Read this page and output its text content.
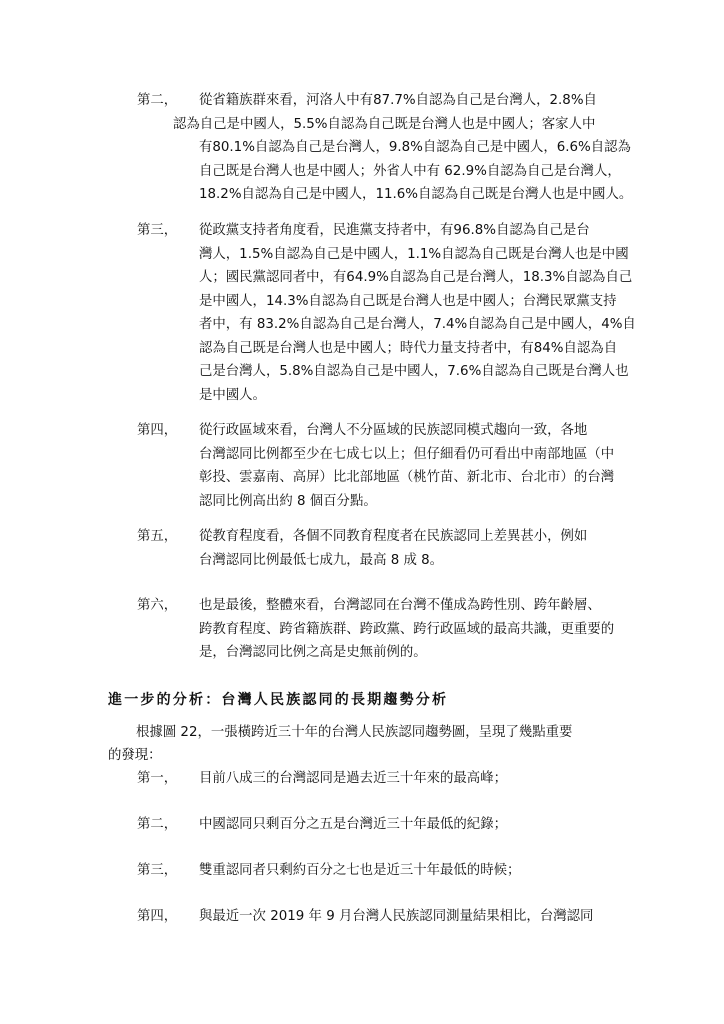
第二，	從省籍族群來看，河洛人中有87.7%自認為自己是台灣人，2.8%自
認為自己是中國人，5.5%自認為自己既是台灣人也是中國人；客家人中
有80.1%自認為自己是台灣人，9.8%自認為自己是中國人，6.6%自認為
自己既是台灣人也是中國人；外省人中有 62.9%自認為自己是台灣人，
18.2%自認為自己是中國人，11.6%自認為自己既是台灣人也是中國人。
第三，	從政黨支持者角度看，民進黨支持者中，有96.8%自認為自己是台
灣人，1.5%自認為自己是中國人，1.1%自認為自己既是台灣人也是中國
人；國民黨認同者中，有64.9%自認為自己是台灣人，18.3%自認為自己
是中國人，14.3%自認為自己既是台灣人也是中國人；台灣民眾黨支持
者中，有 83.2%自認為自己是台灣人，7.4%自認為自己是中國人，4%自
認為自己既是台灣人也是中國人；時代力量支持者中，有84%自認為自
己是台灣人，5.8%自認為自己是中國人，7.6%自認為自己既是台灣人也
是中國人。
第四，	從行政區域來看，台灣人不分區域的民族認同模式趨向一致，各地
台灣認同比例都至少在七成七以上；但仔細看仍可看出中南部地區（中
彰投、雲嘉南、高屏）比北部地區（桃竹苗、新北市、台北市）的台灣
認同比例高出約 8 個百分點。
第五，	從教育程度看，各個不同教育程度者在民族認同上差異甚小，例如
台灣認同比例最低七成九，最高 8 成 8。
第六，	也是最後，整體來看，台灣認同在台灣不僅成為跨性別、跨年齡層、
跨教育程度、跨省籍族群、跨政黨、跨行政區域的最高共識，更重要的
是，台灣認同比例之高是史無前例的。
進一步的分析：台灣人民族認同的長期趨勢分析
根據圖 22，一張橫跨近三十年的台灣人民族認同趨勢圖，呈現了幾點重要
的發現：
第一， 目前八成三的台灣認同是過去近三十年來的最高峰；
第二， 中國認同只剩百分之五是台灣近三十年最低的紀錄；
第三， 雙重認同者只剩約百分之七也是近三十年最低的時候；
第四， 與最近一次 2019 年 9 月台灣人民族認同測量結果相比，台灣認同
